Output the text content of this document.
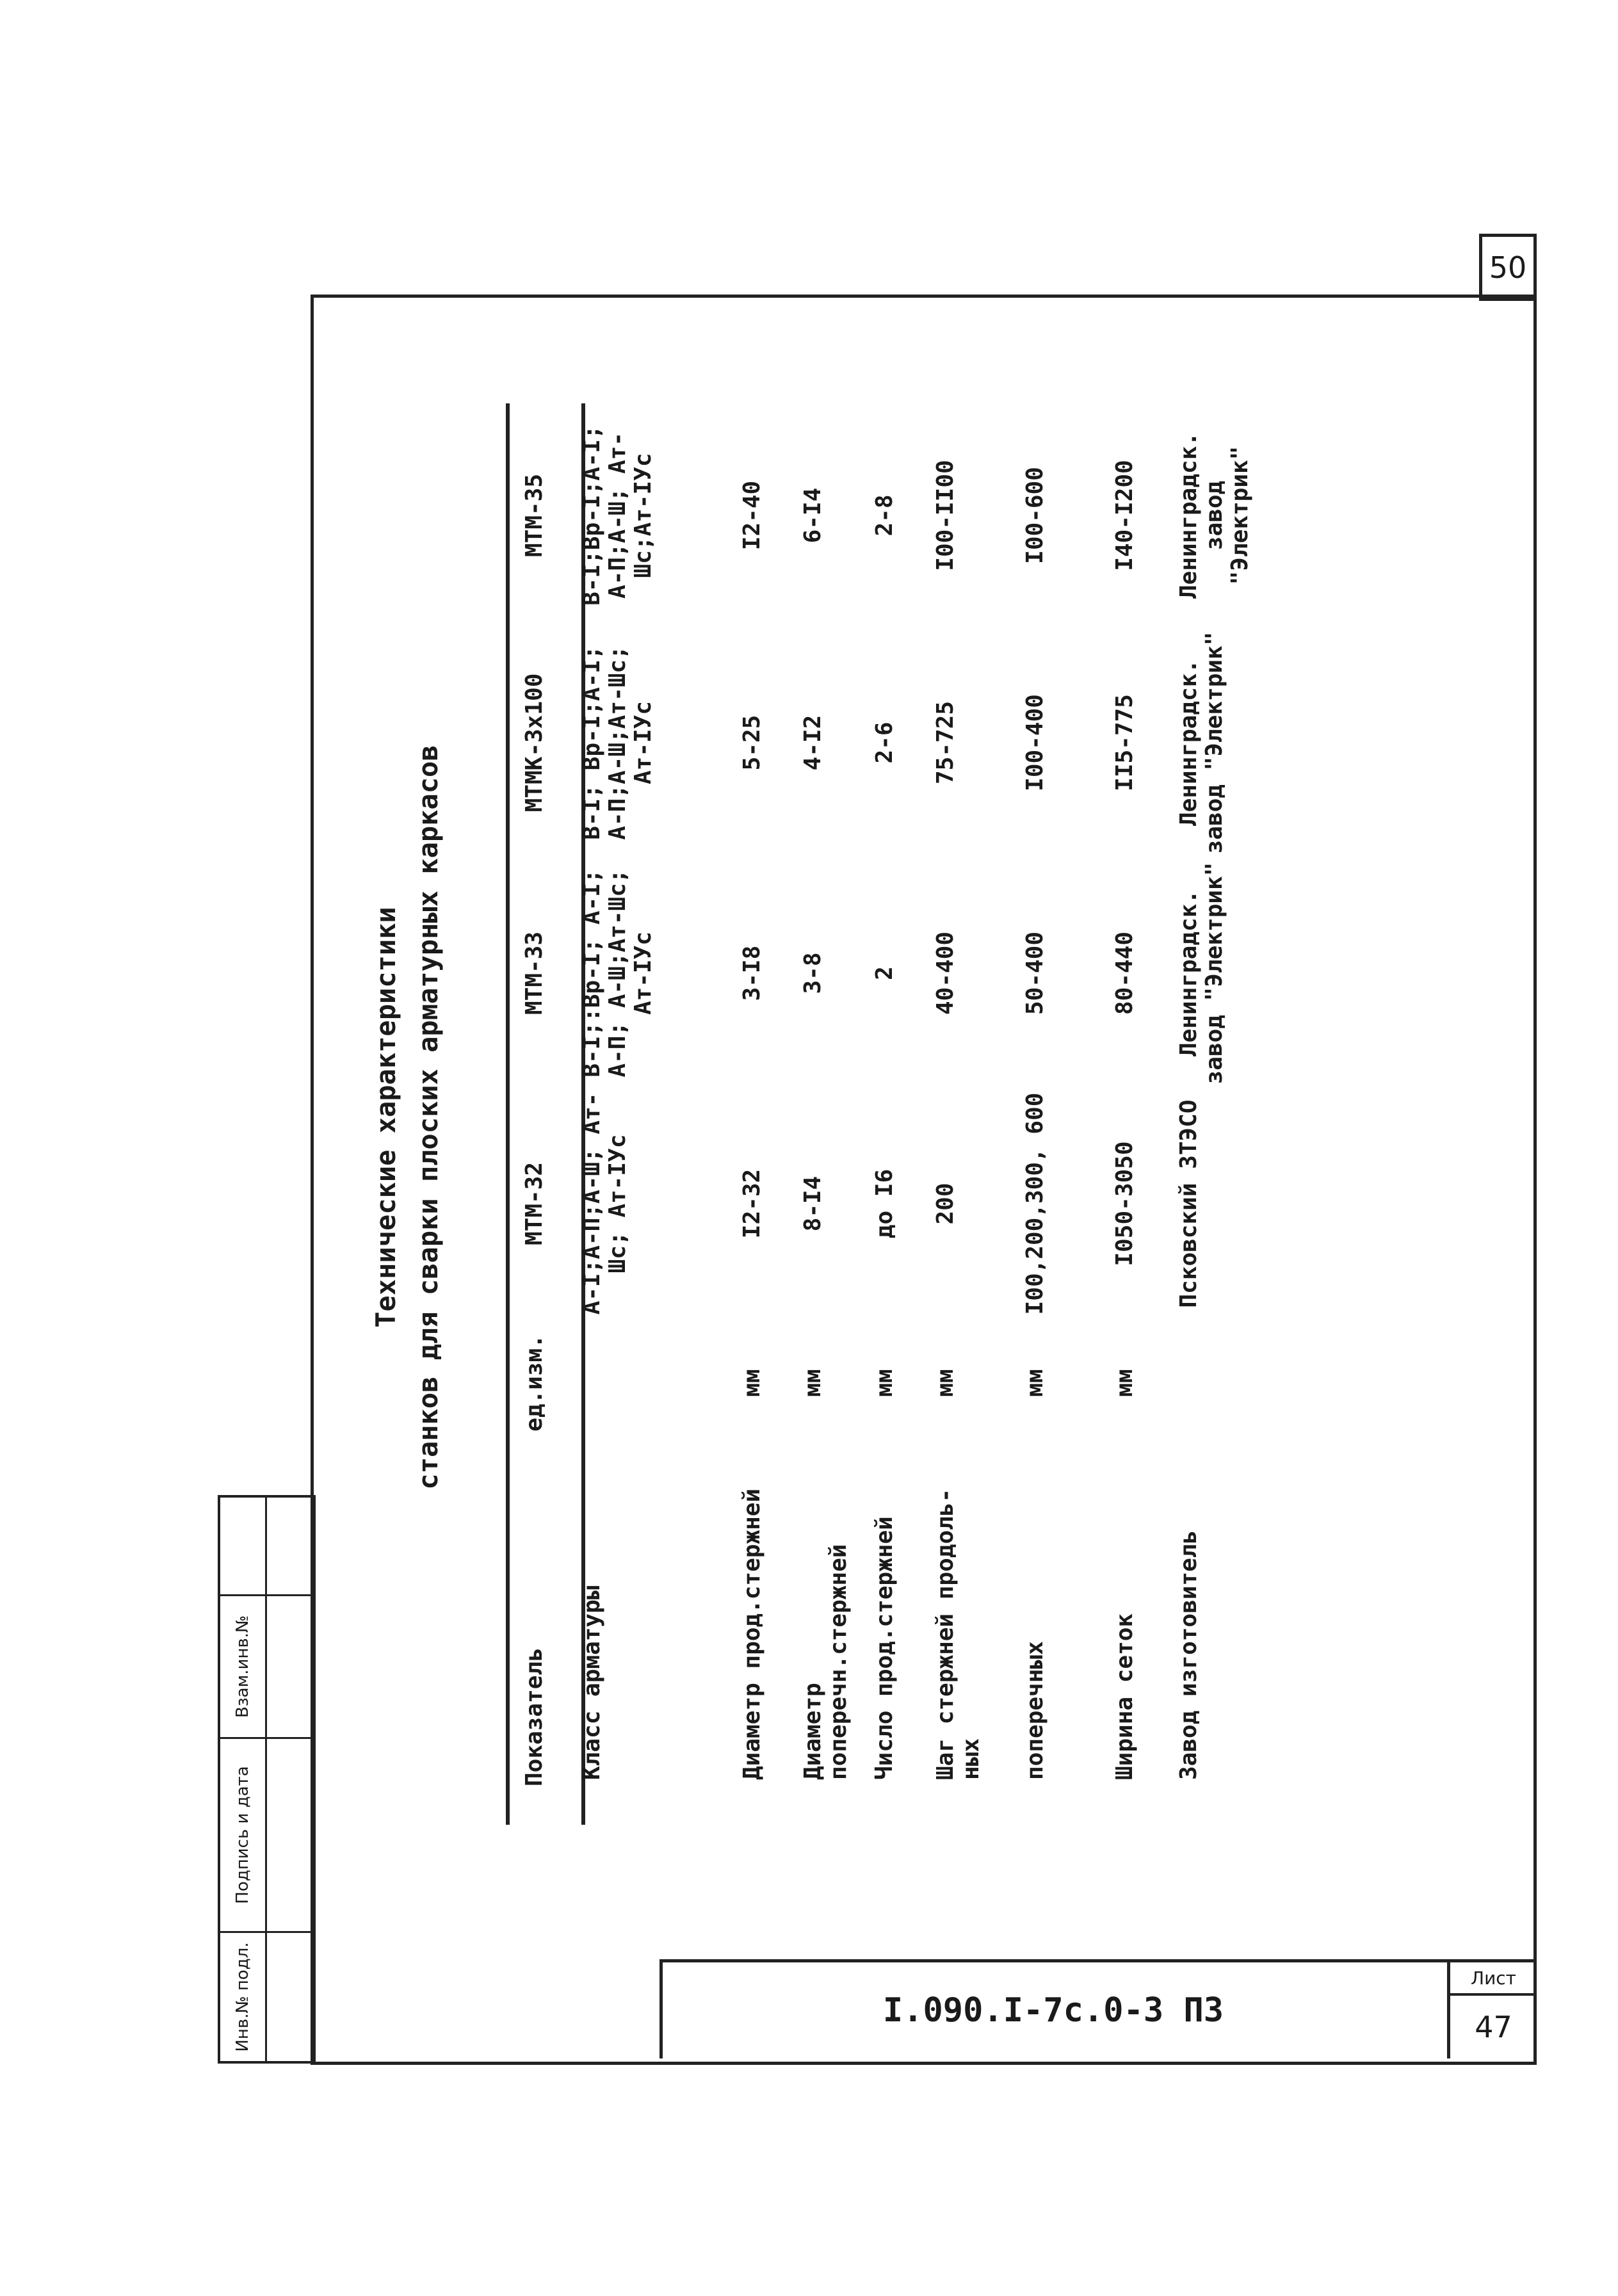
50
Инв.№ подл.
Подпись и дата
Взам.инв.№
I.090.I-7с.0-3 ПЗ
Лист
47
Технические характеристики станков для сварки плоских арматурных каркасов
Показатель	ед.изм.	МТМ-32	МТМ-33	МТМК-3х100	МТМ-35
Класс арматуры		А-I;А-П;А-Ш; Ат-Шс; Ат-IУс	В-I;:Вр-I; А-I; А-П; А-Ш;Ат-Шс; Ат-IУс	В-I; Вр-I;А-I; А-П;А-Ш;Ат-Шс; Ат-IУс	В-I;Вр-I;А-I; А-П;А-Ш; Ат-Шс;Ат-IУс
Диаметр прод.стержней	мм	I2-32	3-I8	5-25	I2-40
Диаметр поперечн.стержней	мм	8-I4	3-8	4-I2	6-I4
Число прод.стержней	мм	до I6	2	2-6	2-8
Шаг стержней продоль-ных	мм	200	40-400	75-725	I00-II00
поперечных	мм	I00,200,300, 600	50-400	I00-400	I00-600
Ширина сеток	мм	I050-3050	80-440	II5-775	I40-I200
Завод изготовитель		Псковский ЗТЭСО	Ленинградск. завод "Электрик"	Ленинградск. завод "Электрик"	Ленинградск. завод "Электрик"
